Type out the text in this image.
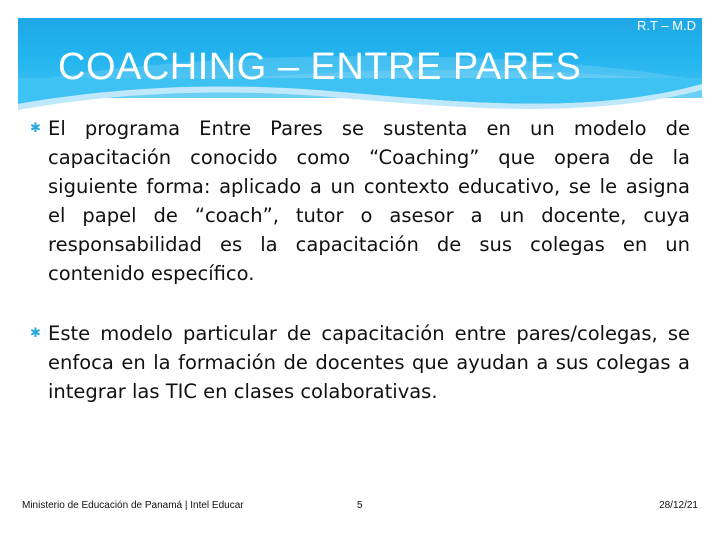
R.T – M.D
COACHING – ENTRE PARES
✱ El programa Entre Pares se sustenta en un modelo de capacitación conocido como “Coaching” que opera de la siguiente forma: aplicado a un contexto educativo, se le asigna el papel de “coach”, tutor o asesor a un docente, cuya responsabilidad es la capacitación de sus colegas en un contenido específico.
✱ Este modelo particular de capacitación entre pares/colegas, se enfoca en la formación de docentes que ayudan a sus colegas a integrar las TIC en clases colaborativas.
Ministerio de Educación de Panamá | Intel Educar	5	28/12/21
